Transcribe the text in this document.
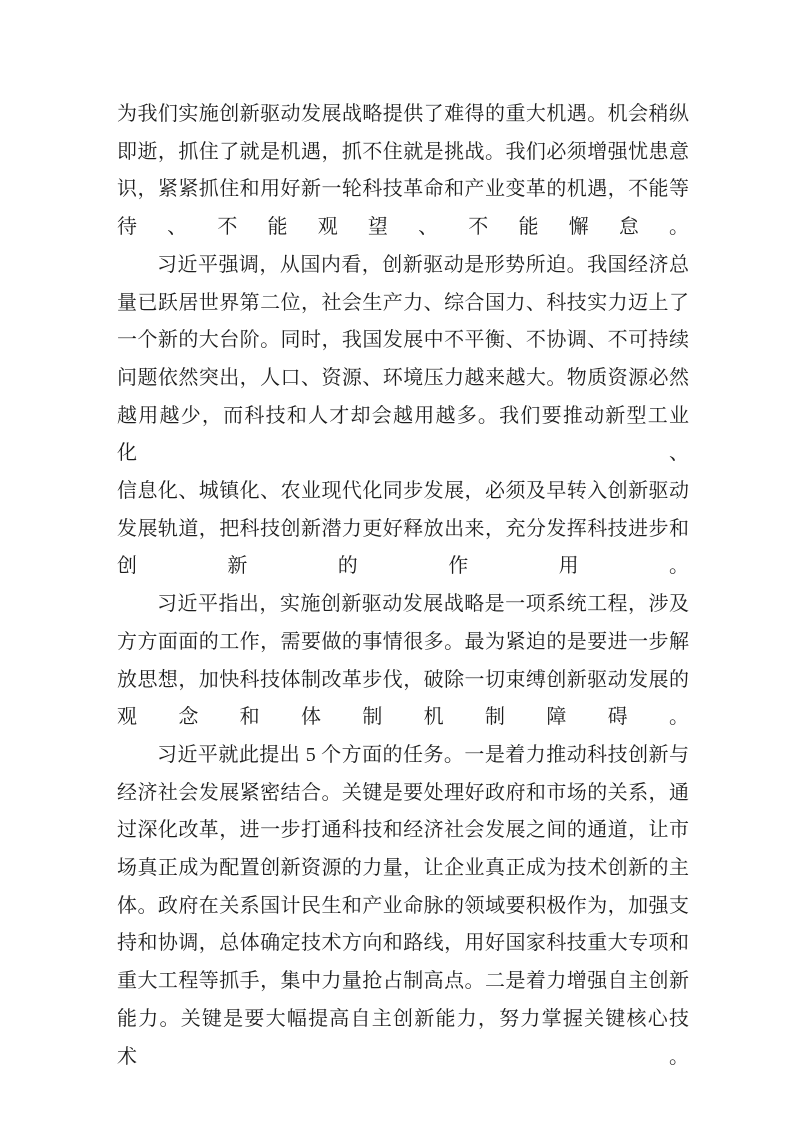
为我们实施创新驱动发展战略提供了难得的重大机遇。机会稍纵
即逝，抓住了就是机遇，抓不住就是挑战。我们必须增强忧患意
识，紧紧抓住和用好新一轮科技革命和产业变革的机遇，不能等
待、不能观望、不能懈怠。
习近平强调，从国内看，创新驱动是形势所迫。我国经济总
量已跃居世界第二位，社会生产力、综合国力、科技实力迈上了
一个新的大台阶。同时，我国发展中不平衡、不协调、不可持续
问题依然突出，人口、资源、环境压力越来越大。物质资源必然
越用越少，而科技和人才却会越用越多。我们要推动新型工业化、
信息化、城镇化、农业现代化同步发展，必须及早转入创新驱动
发展轨道，把科技创新潜力更好释放出来，充分发挥科技进步和
创新的作用。
习近平指出，实施创新驱动发展战略是一项系统工程，涉及
方方面面的工作，需要做的事情很多。最为紧迫的是要进一步解
放思想，加快科技体制改革步伐，破除一切束缚创新驱动发展的
观念和体制机制障碍。
习近平就此提出 5 个方面的任务。一是着力推动科技创新与
经济社会发展紧密结合。关键是要处理好政府和市场的关系，通
过深化改革，进一步打通科技和经济社会发展之间的通道，让市
场真正成为配置创新资源的力量，让企业真正成为技术创新的主
体。政府在关系国计民生和产业命脉的领域要积极作为，加强支
持和协调，总体确定技术方向和路线，用好国家科技重大专项和
重大工程等抓手，集中力量抢占制高点。二是着力增强自主创新
能力。关键是要大幅提高自主创新能力，努力掌握关键核心技术。
